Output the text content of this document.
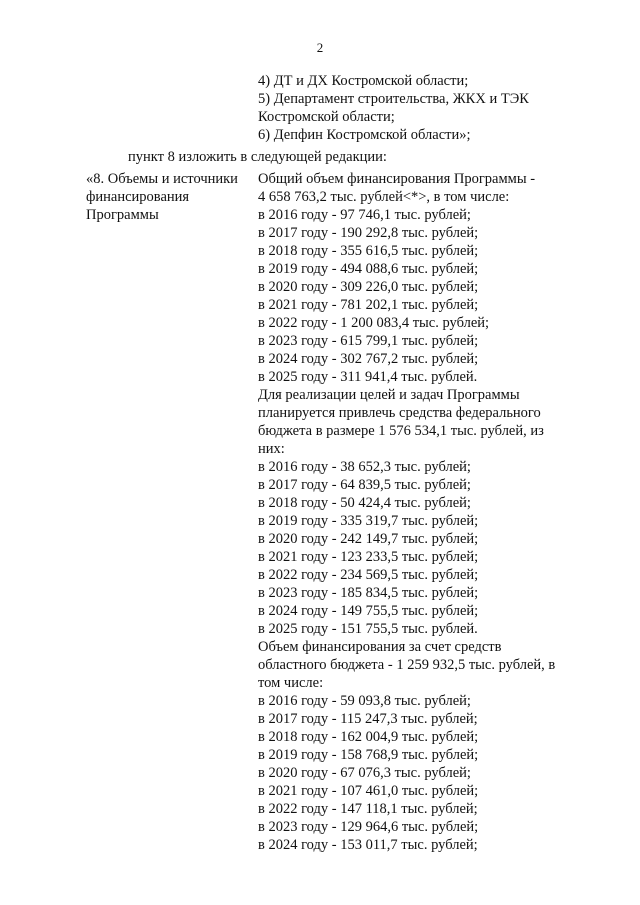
2
4) ДТ и ДХ Костромской области;
5) Департамент строительства, ЖКХ и ТЭК
Костромской области;
6) Депфин Костромской области»;
пункт 8 изложить в следующей редакции:
«8. Объемы и источники
финансирования
Программы
Общий объем финансирования Программы -
4 658 763,2 тыс. рублей<*>, в том числе:
в 2016 году - 97 746,1 тыс. рублей;
в 2017 году - 190 292,8 тыс. рублей;
в 2018 году - 355 616,5 тыс. рублей;
в 2019 году - 494 088,6 тыс. рублей;
в 2020 году - 309 226,0 тыс. рублей;
в 2021 году - 781 202,1 тыс. рублей;
в 2022 году - 1 200 083,4 тыс. рублей;
в 2023 году - 615 799,1 тыс. рублей;
в 2024 году - 302 767,2 тыс. рублей;
в 2025 году - 311 941,4 тыс. рублей.
Для реализации целей и задач Программы
планируется привлечь средства федерального
бюджета в размере 1 576 534,1 тыс. рублей, из
них:
в 2016 году - 38 652,3 тыс. рублей;
в 2017 году - 64 839,5 тыс. рублей;
в 2018 году - 50 424,4 тыс. рублей;
в 2019 году - 335 319,7 тыс. рублей;
в 2020 году - 242 149,7 тыс. рублей;
в 2021 году - 123 233,5 тыс. рублей;
в 2022 году - 234 569,5 тыс. рублей;
в 2023 году - 185 834,5 тыс. рублей;
в 2024 году - 149 755,5 тыс. рублей;
в 2025 году - 151 755,5 тыс. рублей.
Объем финансирования за счет средств
областного бюджета - 1 259 932,5 тыс. рублей, в
том числе:
в 2016 году - 59 093,8 тыс. рублей;
в 2017 году - 115 247,3 тыс. рублей;
в 2018 году - 162 004,9 тыс. рублей;
в 2019 году - 158 768,9 тыс. рублей;
в 2020 году - 67 076,3 тыс. рублей;
в 2021 году - 107 461,0 тыс. рублей;
в 2022 году - 147 118,1 тыс. рублей;
в 2023 году - 129 964,6 тыс. рублей;
в 2024 году - 153 011,7 тыс. рублей;
